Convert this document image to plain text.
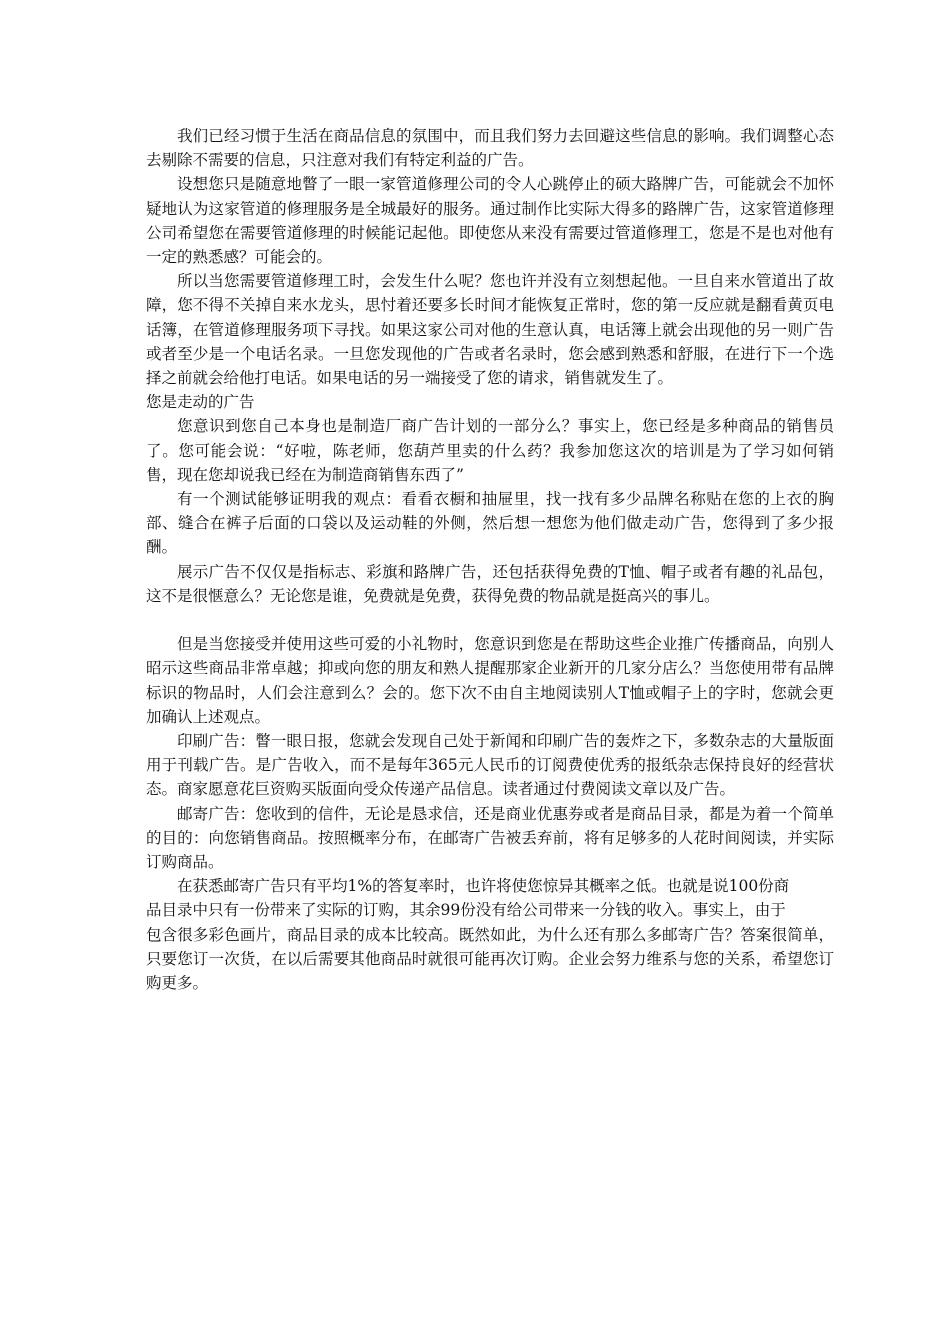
我们已经习惯于生活在商品信息的氛围中，而且我们努力去回避这些信息的影响。我们调整心态去剔除不需要的信息，只注意对我们有特定利益的广告。

设想您只是随意地瞥了一眼一家管道修理公司的令人心跳停止的硕大路牌广告，可能就会不加怀疑地认为这家管道的修理服务是全城最好的服务。通过制作比实际大得多的路牌广告，这家管道修理公司希望您在需要管道修理的时候能记起他。即使您从来没有需要过管道修理工，您是不是也对他有一定的熟悉感？可能会的。

所以当您需要管道修理工时，会发生什么呢？您也许并没有立刻想起他。一旦自来水管道出了故障，您不得不关掉自来水龙头，思忖着还要多长时间才能恢复正常时，您的第一反应就是翻看黄页电话簿，在管道修理服务项下寻找。如果这家公司对他的生意认真，电话簿上就会出现他的另一则广告或者至少是一个电话名录。一旦您发现他的广告或者名录时，您会感到熟悉和舒服，在进行下一个选择之前就会给他打电话。如果电话的另一端接受了您的请求，销售就发生了。

您是走动的广告

您意识到您自己本身也是制造厂商广告计划的一部分么？事实上，您已经是多种商品的销售员了。您可能会说：“好啦，陈老师，您葫芦里卖的什么药？我参加您这次的培训是为了学习如何销售，现在您却说我已经在为制造商销售东西了”

有一个测试能够证明我的观点：看看衣橱和抽屉里，找一找有多少品牌名称贴在您的上衣的胸部、缝合在裤子后面的口袋以及运动鞋的外侧，然后想一想您为他们做走动广告，您得到了多少报酬。

展示广告不仅仅是指标志、彩旗和路牌广告，还包括获得免费的T恤、帽子或者有趣的礼品包，这不是很惬意么？无论您是谁，免费就是免费，获得免费的物品就是挺高兴的事儿。

但是当您接受并使用这些可爱的小礼物时，您意识到您是在帮助这些企业推广传播商品，向别人昭示这些商品非常卓越；抑或向您的朋友和熟人提醒那家企业新开的几家分店么？当您使用带有品牌标识的物品时，人们会注意到么？会的。您下次不由自主地阅读别人T恤或帽子上的字时，您就会更加确认上述观点。

印刷广告：瞥一眼日报，您就会发现自己处于新闻和印刷广告的轰炸之下，多数杂志的大量版面用于刊载广告。是广告收入，而不是每年365元人民币的订阅费使优秀的报纸杂志保持良好的经营状态。商家愿意花巨资购买版面向受众传递产品信息。读者通过付费阅读文章以及广告。

邮寄广告：您收到的信件，无论是恳求信，还是商业优惠券或者是商品目录，都是为着一个简单的目的：向您销售商品。按照概率分布，在邮寄广告被丢弃前，将有足够多的人花时间阅读，并实际订购商品。

在获悉邮寄广告只有平均1%的答复率时，也许将使您惊异其概率之低。也就是说100份商

品目录中只有一份带来了实际的订购，其余99份没有给公司带来一分钱的收入。事实上，由于

包含很多彩色画片，商品目录的成本比较高。既然如此，为什么还有那么多邮寄广告？答案很简单，只要您订一次货，在以后需要其他商品时就很可能再次订购。企业会努力维系与您的关系，希望您订购更多。
